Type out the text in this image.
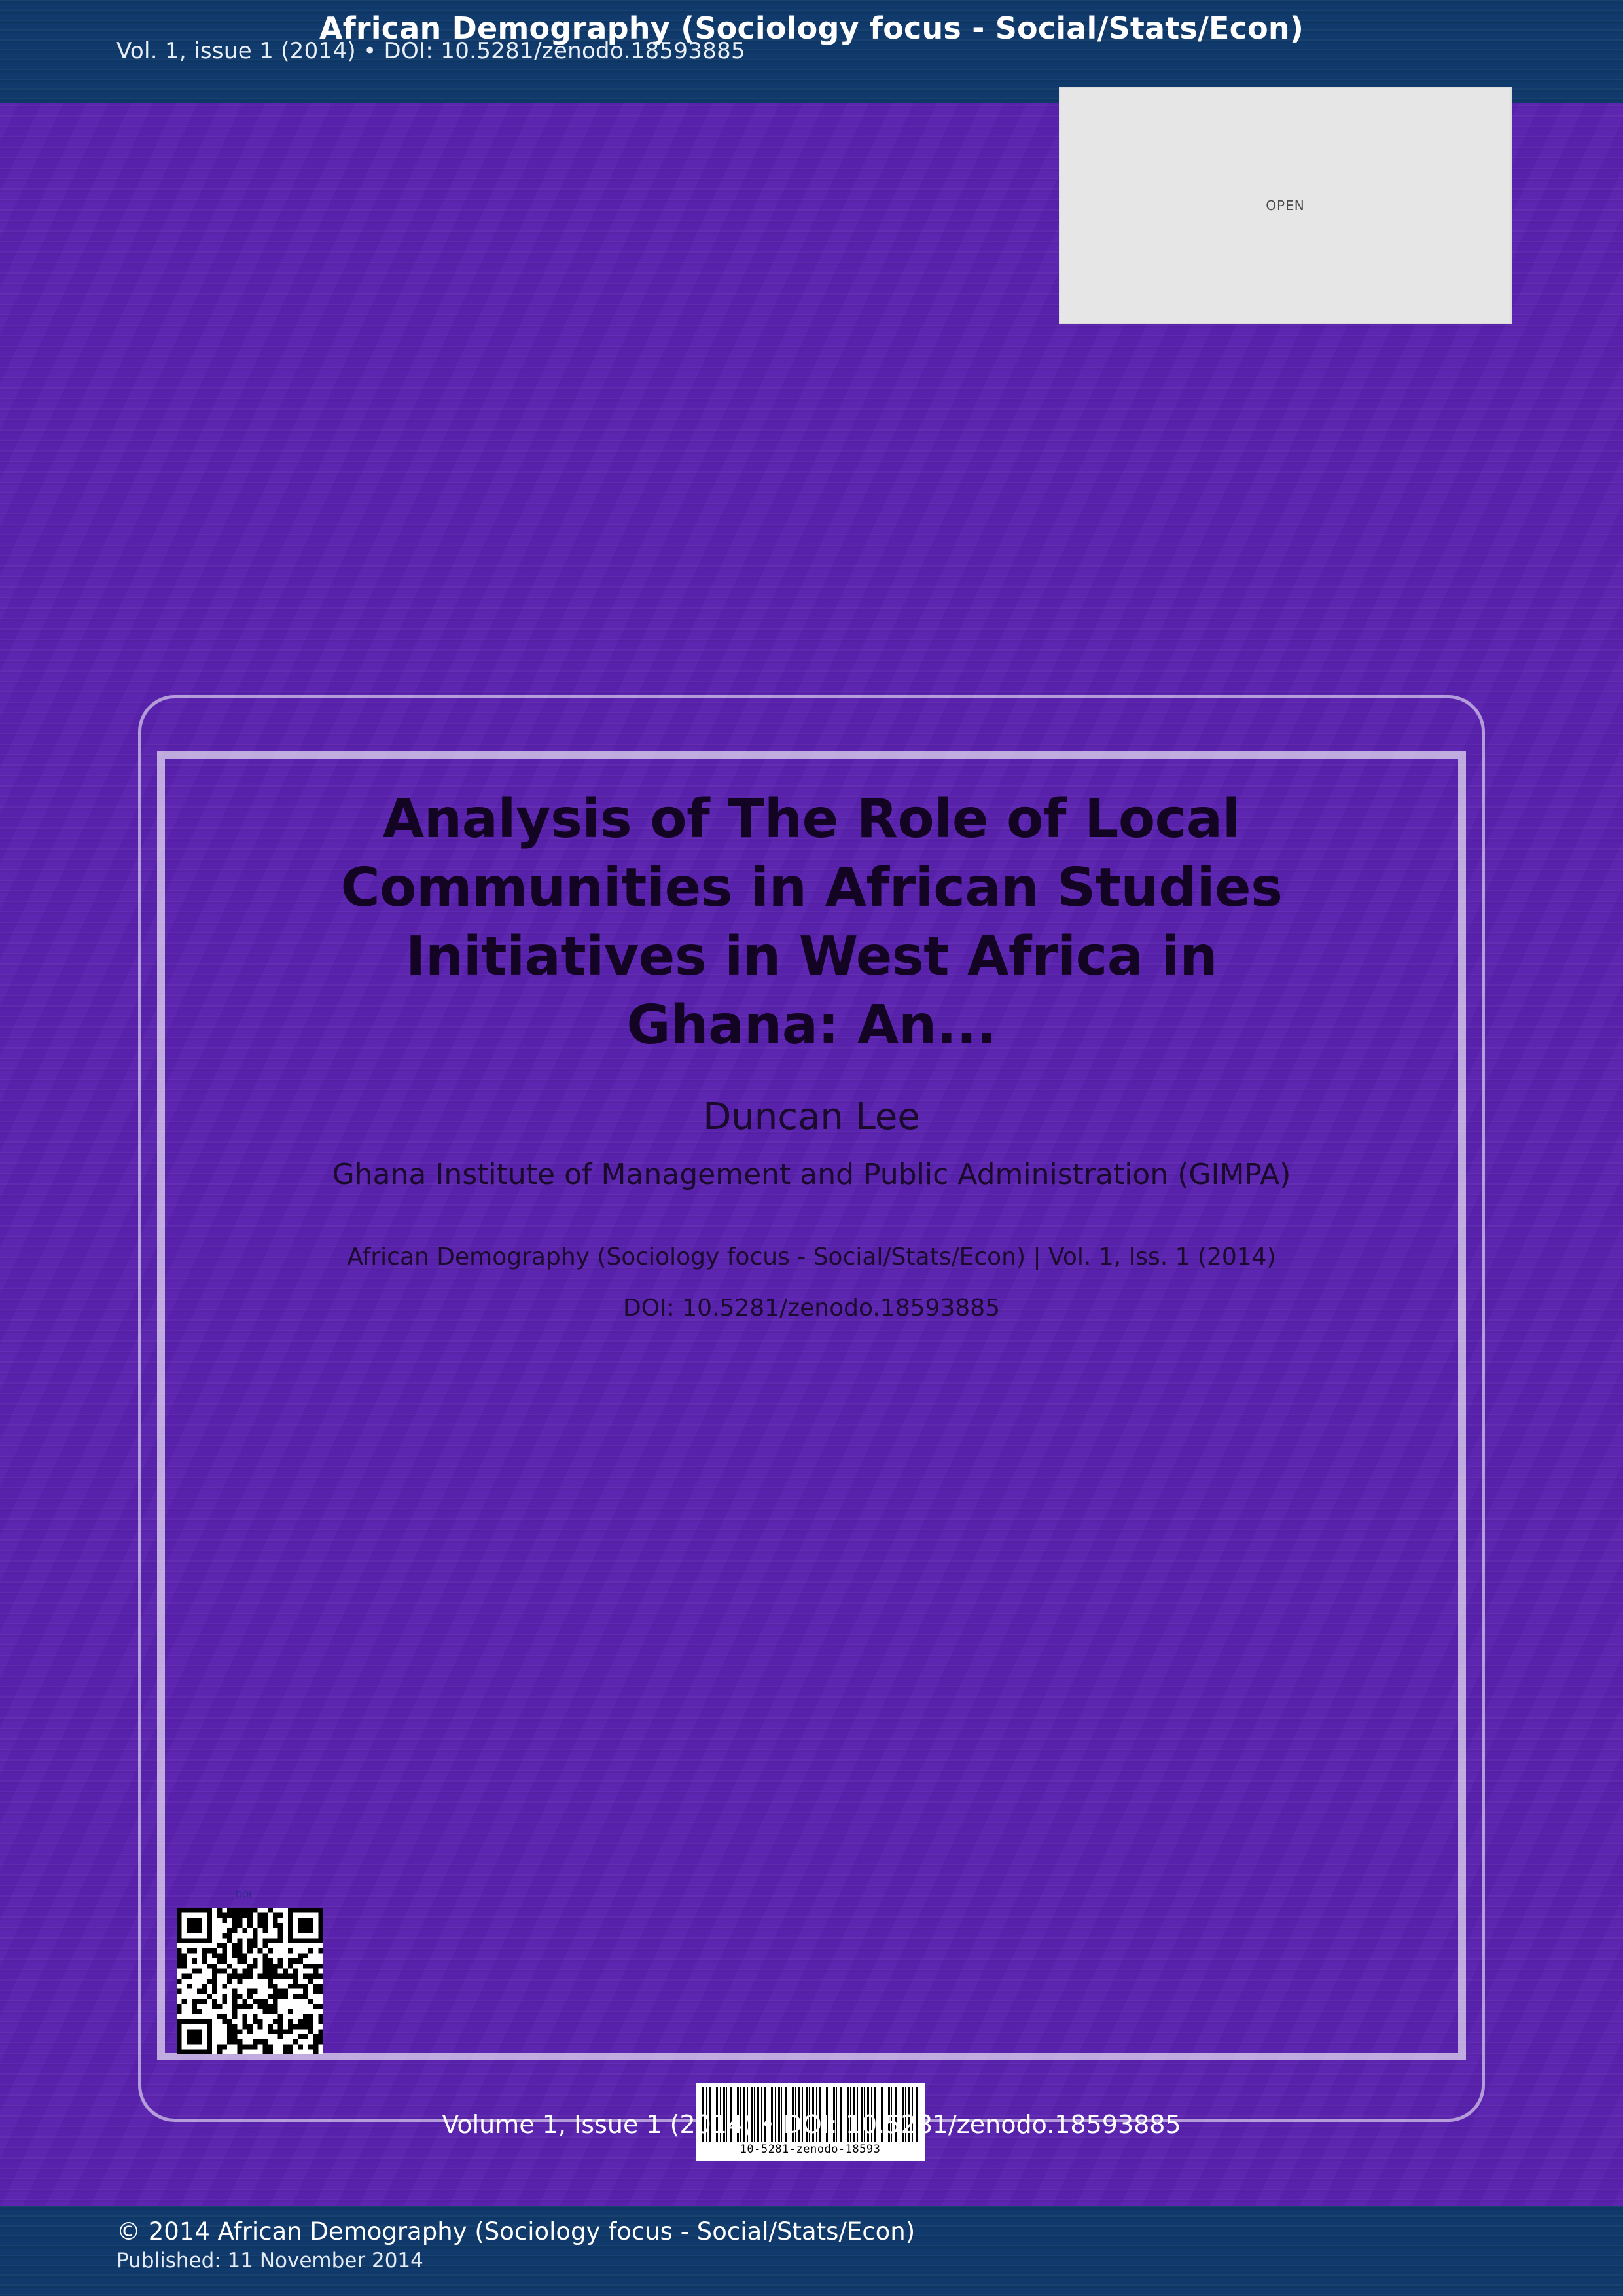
African Demography (Sociology focus - Social/Stats/Econ)
Vol. 1, issue 1 (2014) • DOI: 10.5281/zenodo.18593885
OPEN
Analysis of The Role of Local Communities in African Studies Initiatives in West Africa in Ghana: An...
Duncan Lee
Ghana Institute of Management and Public Administration (GIMPA)
African Demography (Sociology focus - Social/Stats/Econ) | Vol. 1, Iss. 1 (2014)
DOI: 10.5281/zenodo.18593885
DOI
10-5281-zenodo-18593
Volume 1, Issue 1 (2014) • DOI: 10.5281/zenodo.18593885
© 2014 African Demography (Sociology focus - Social/Stats/Econ)
Published: 11 November 2014
